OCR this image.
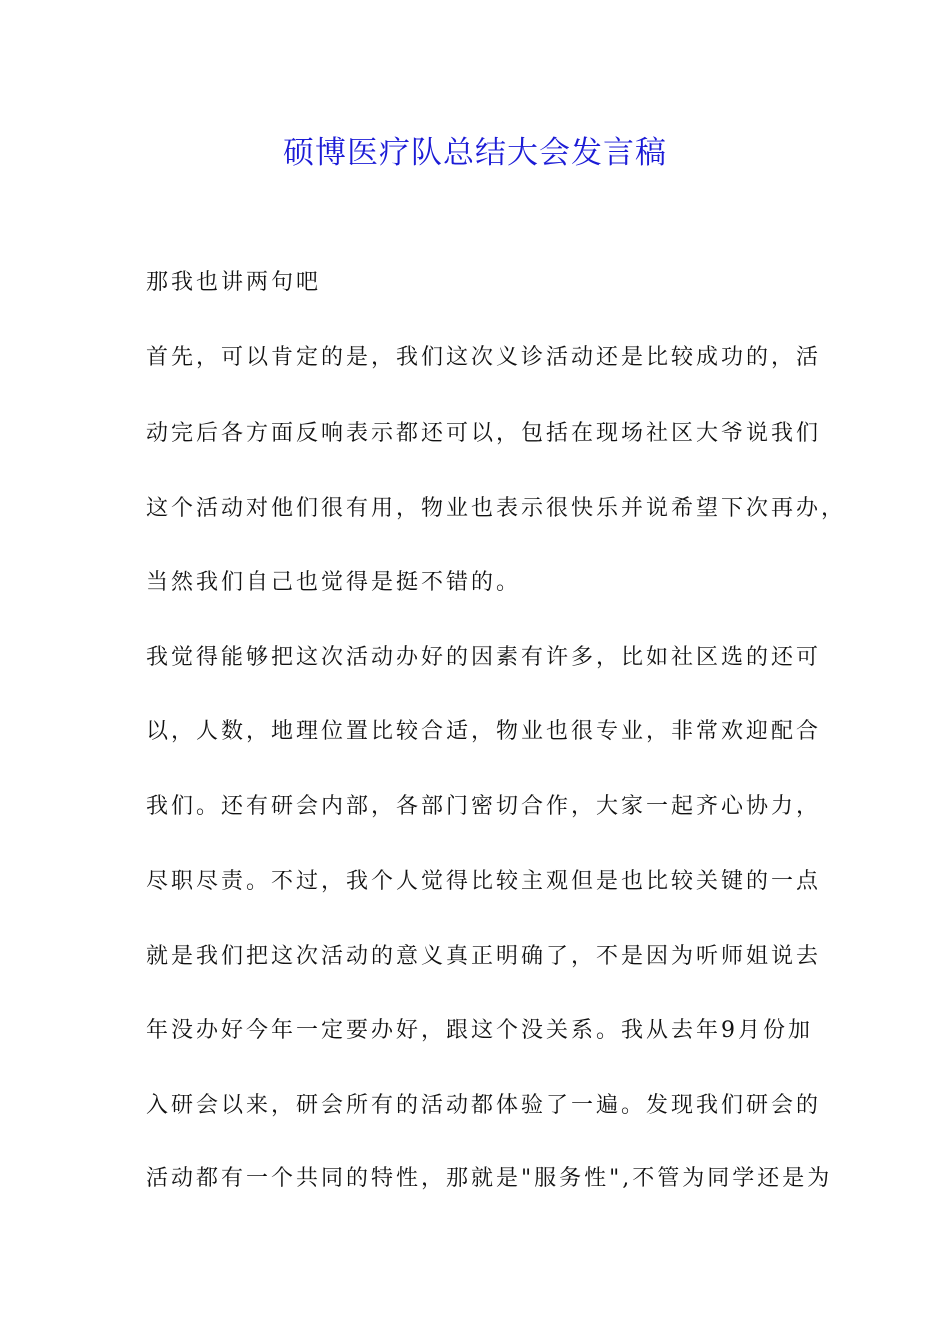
硕博医疗队总结大会发言稿
那我也讲两句吧
首先，可以肯定的是，我们这次义诊活动还是比较成功的，活
动完后各方面反响表示都还可以，包括在现场社区大爷说我们
这个活动对他们很有用，物业也表示很快乐并说希望下次再办，
当然我们自己也觉得是挺不错的。
我觉得能够把这次活动办好的因素有许多，比如社区选的还可
以，人数，地理位置比较合适，物业也很专业，非常欢迎配合
我们。还有研会内部，各部门密切合作，大家一起齐心协力，
尽职尽责。不过，我个人觉得比较主观但是也比较关键的一点
就是我们把这次活动的意义真正明确了，不是因为听师姐说去
年没办好今年一定要办好，跟这个没关系。我从去年9月份加
入研会以来，研会所有的活动都体验了一遍。发现我们研会的
活动都有一个共同的特性，那就是"服务性",不管为同学还是为
